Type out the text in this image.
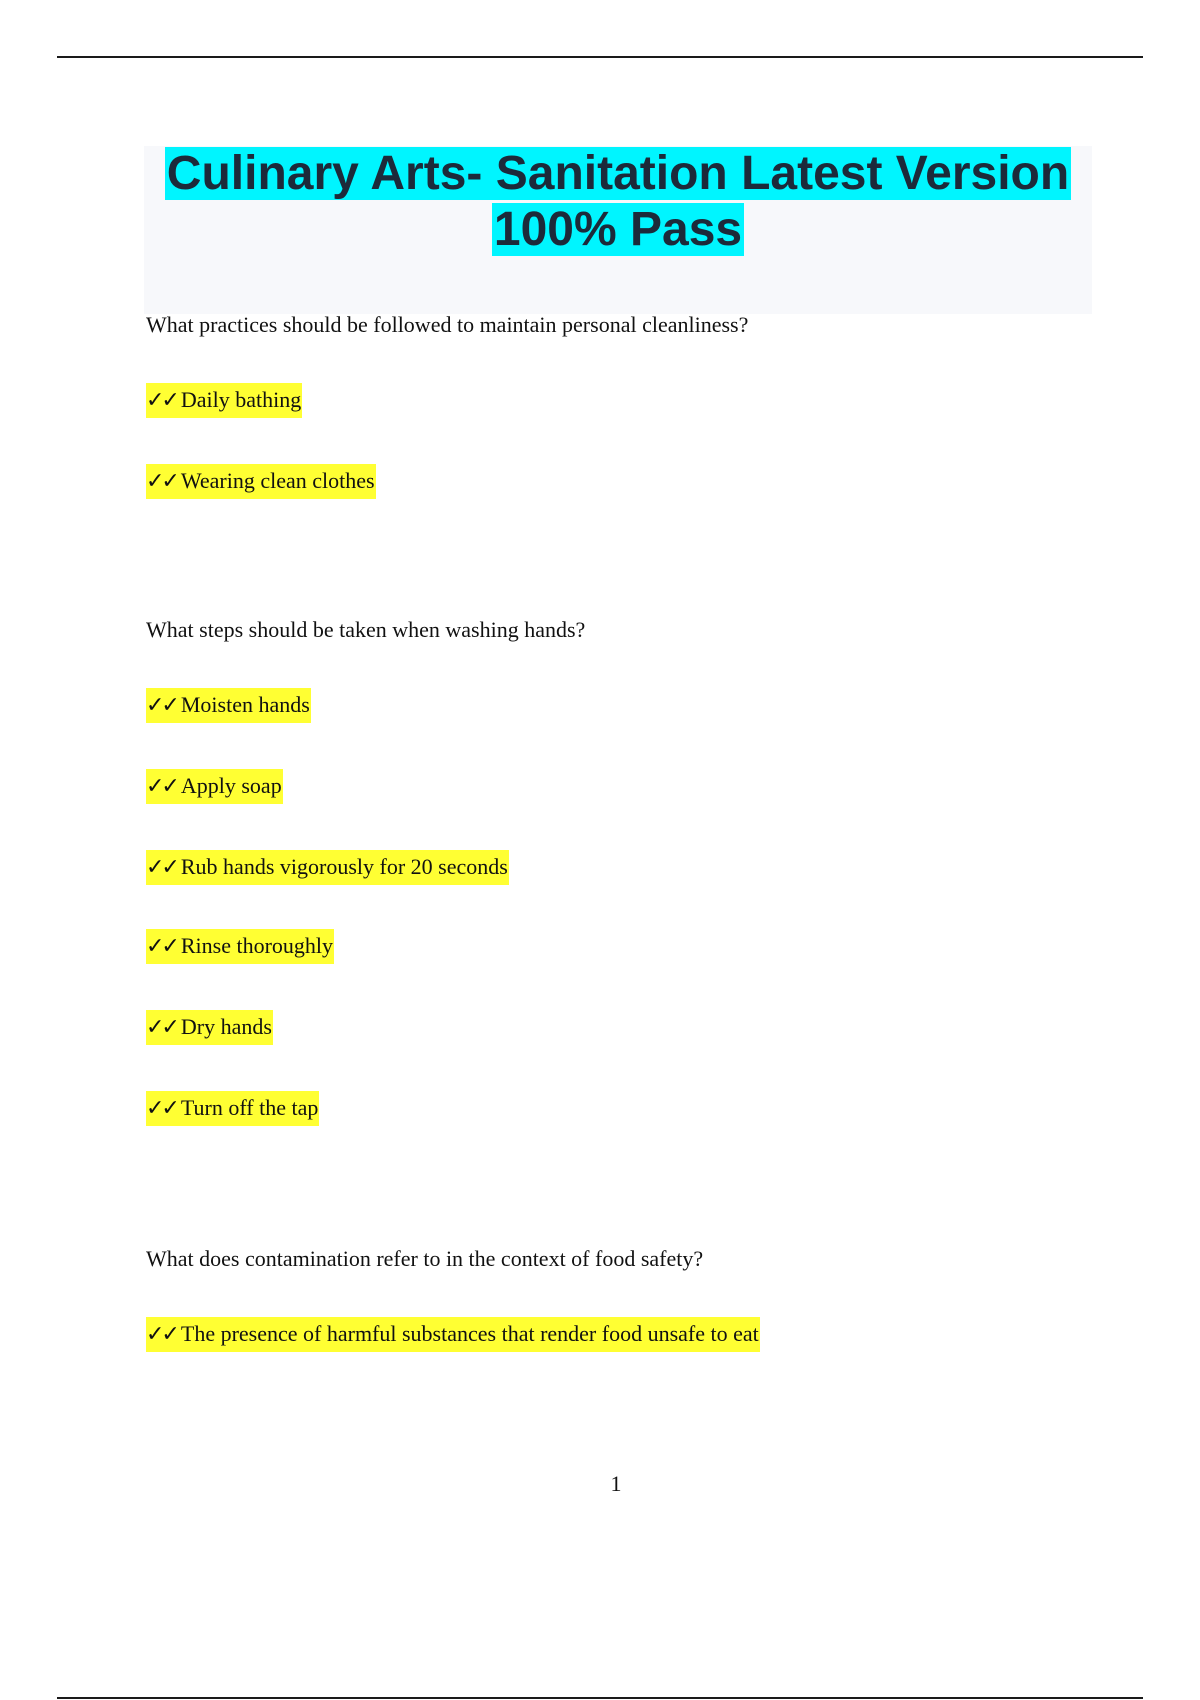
Culinary Arts- Sanitation Latest Version
100% Pass
What practices should be followed to maintain personal cleanliness?
✓✓ Daily bathing
✓✓ Wearing clean clothes
What steps should be taken when washing hands?
✓✓ Moisten hands
✓✓ Apply soap
✓✓ Rub hands vigorously for 20 seconds
✓✓ Rinse thoroughly
✓✓ Dry hands
✓✓ Turn off the tap
What does contamination refer to in the context of food safety?
✓✓ The presence of harmful substances that render food unsafe to eat
1
